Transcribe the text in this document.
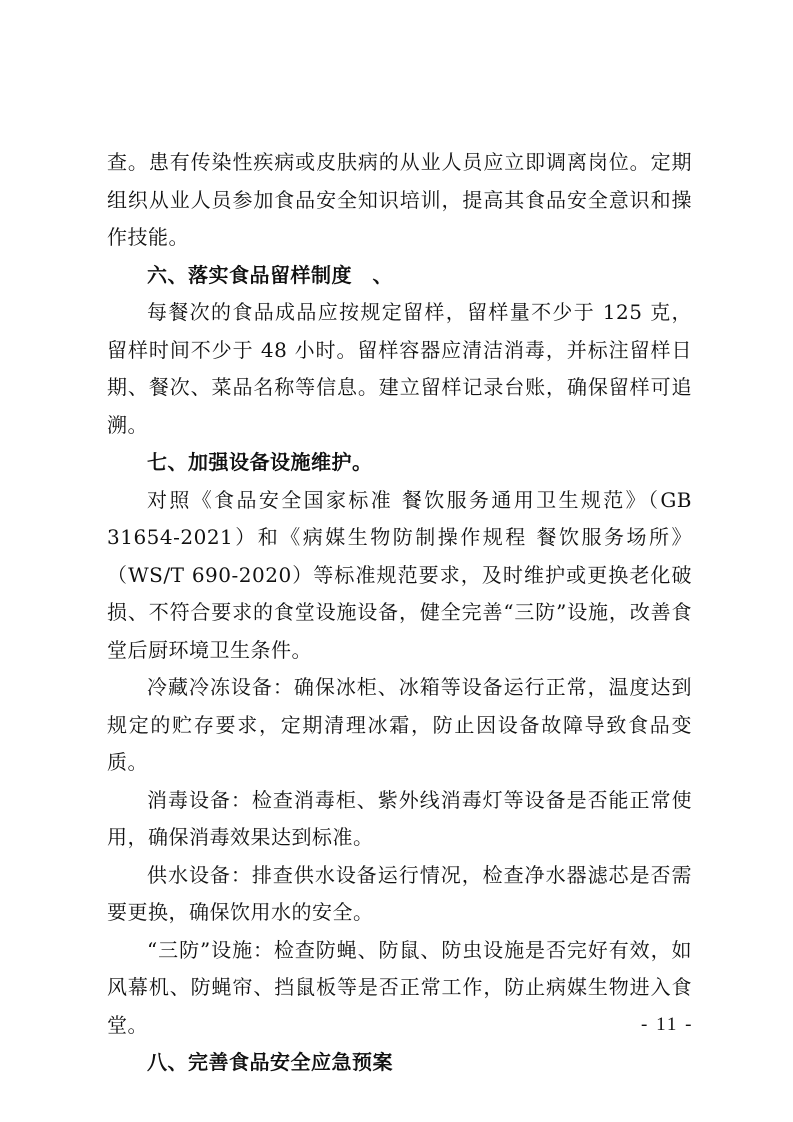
查。患有传染性疾病或皮肤病的从业人员应立即调离岗位。定期组织从业人员参加食品安全知识培训，提高其食品安全意识和操作技能。

六、落实食品留样制度　、

每餐次的食品成品应按规定留样，留样量不少于 125 克，留样时间不少于 48 小时。留样容器应清洁消毒，并标注留样日期、餐次、菜品名称等信息。建立留样记录台账，确保留样可追溯。

七、加强设备设施维护。

对照《食品安全国家标准 餐饮服务通用卫生规范》（GB 31654-2021）和《病媒生物防制操作规程 餐饮服务场所》（WS/T 690-2020）等标准规范要求，及时维护或更换老化破损、不符合要求的食堂设施设备，健全完善“三防”设施，改善食堂后厨环境卫生条件。

冷藏冷冻设备：确保冰柜、冰箱等设备运行正常，温度达到规定的贮存要求，定期清理冰霜，防止因设备故障导致食品变质。

消毒设备：检查消毒柜、紫外线消毒灯等设备是否能正常使用，确保消毒效果达到标准。

供水设备：排查供水设备运行情况，检查净水器滤芯是否需要更换，确保饮用水的安全。

“三防”设施：检查防蝇、防鼠、防虫设施是否完好有效，如风幕机、防蝇帘、挡鼠板等是否正常工作，防止病媒生物进入食堂。

八、完善食品安全应急预案

- 11 -
